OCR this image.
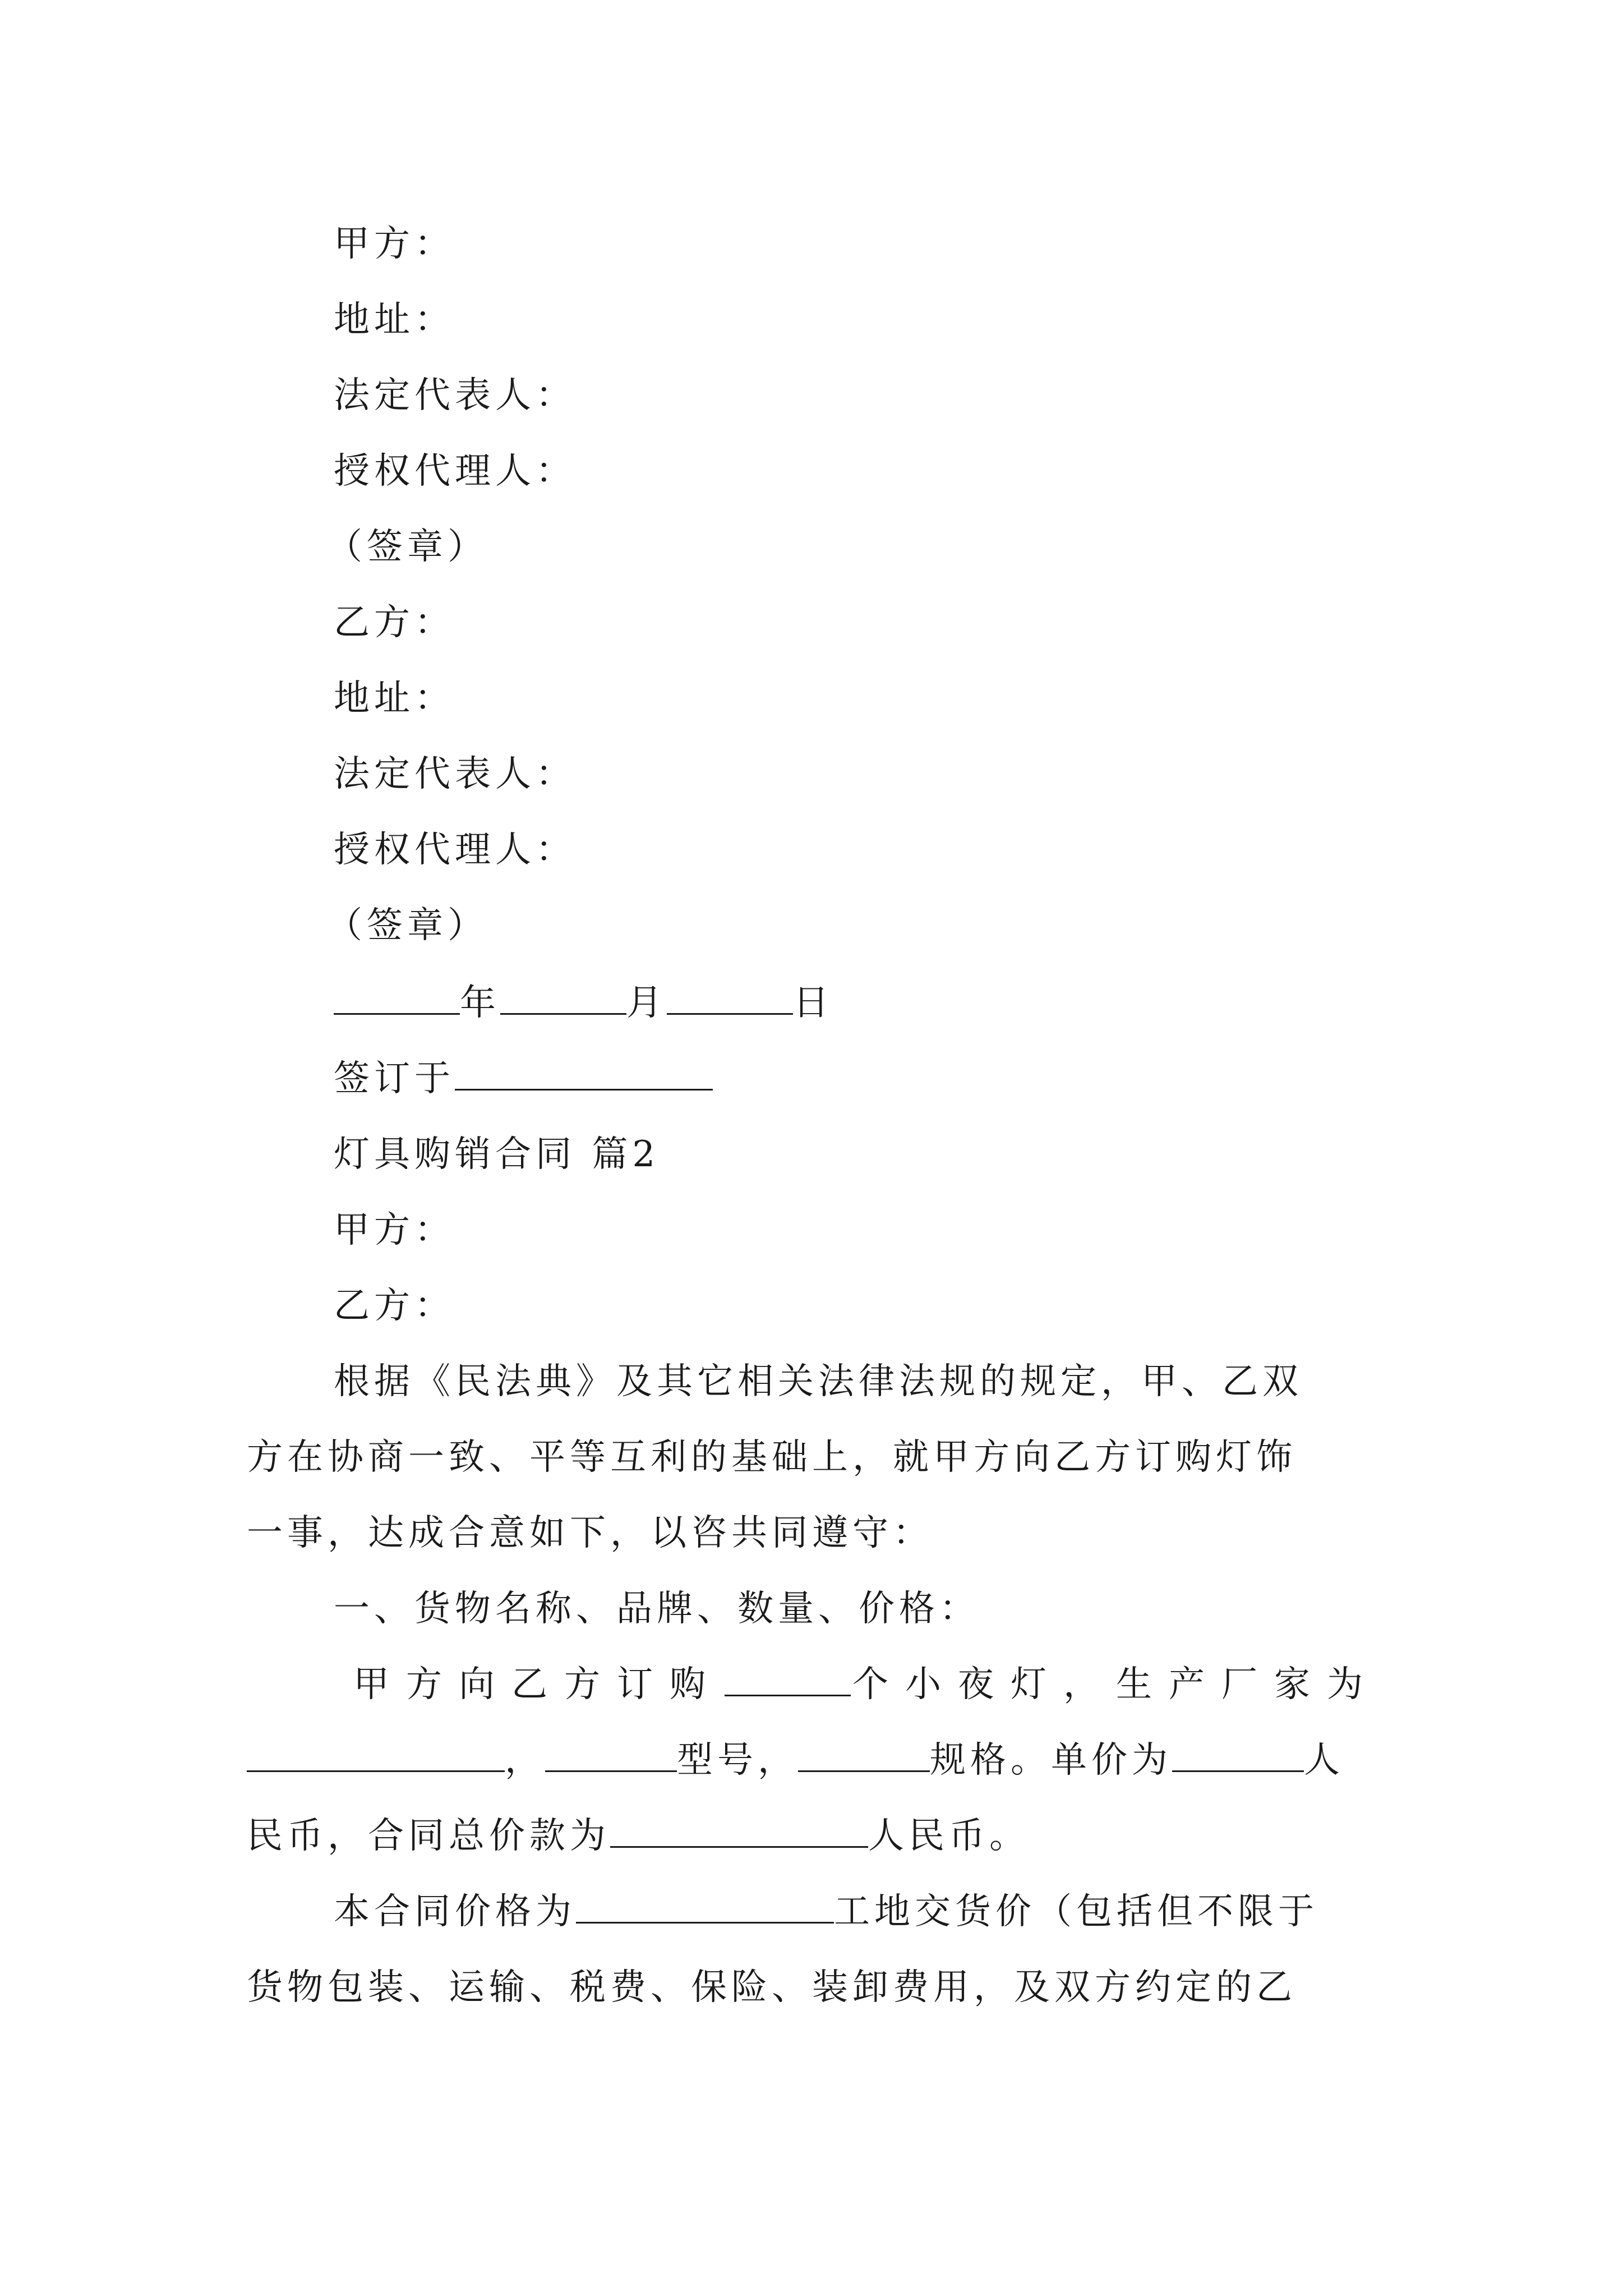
甲方：
地址：
法定代表人：
授权代理人：
（签章）
乙方：
地址：
法定代表人：
授权代理人：
（签章）
年	月	日
签订于
灯具购销合同 篇2
甲方：
乙方：
根据《民法典》及其它相关法律法规的规定，甲、乙双
方在协商一致、平等互利的基础上，就甲方向乙方订购灯饰
一事，达成合意如下，以咨共同遵守：
一、货物名称、品牌、数量、价格：
甲方向乙方订购	个小夜灯，生产厂家为
，	型号，	规格。单价为	人
民币，合同总价款为	人民币。
本合同价格为	工地交货价（包括但不限于
货物包装、运输、税费、保险、装卸费用，及双方约定的乙
